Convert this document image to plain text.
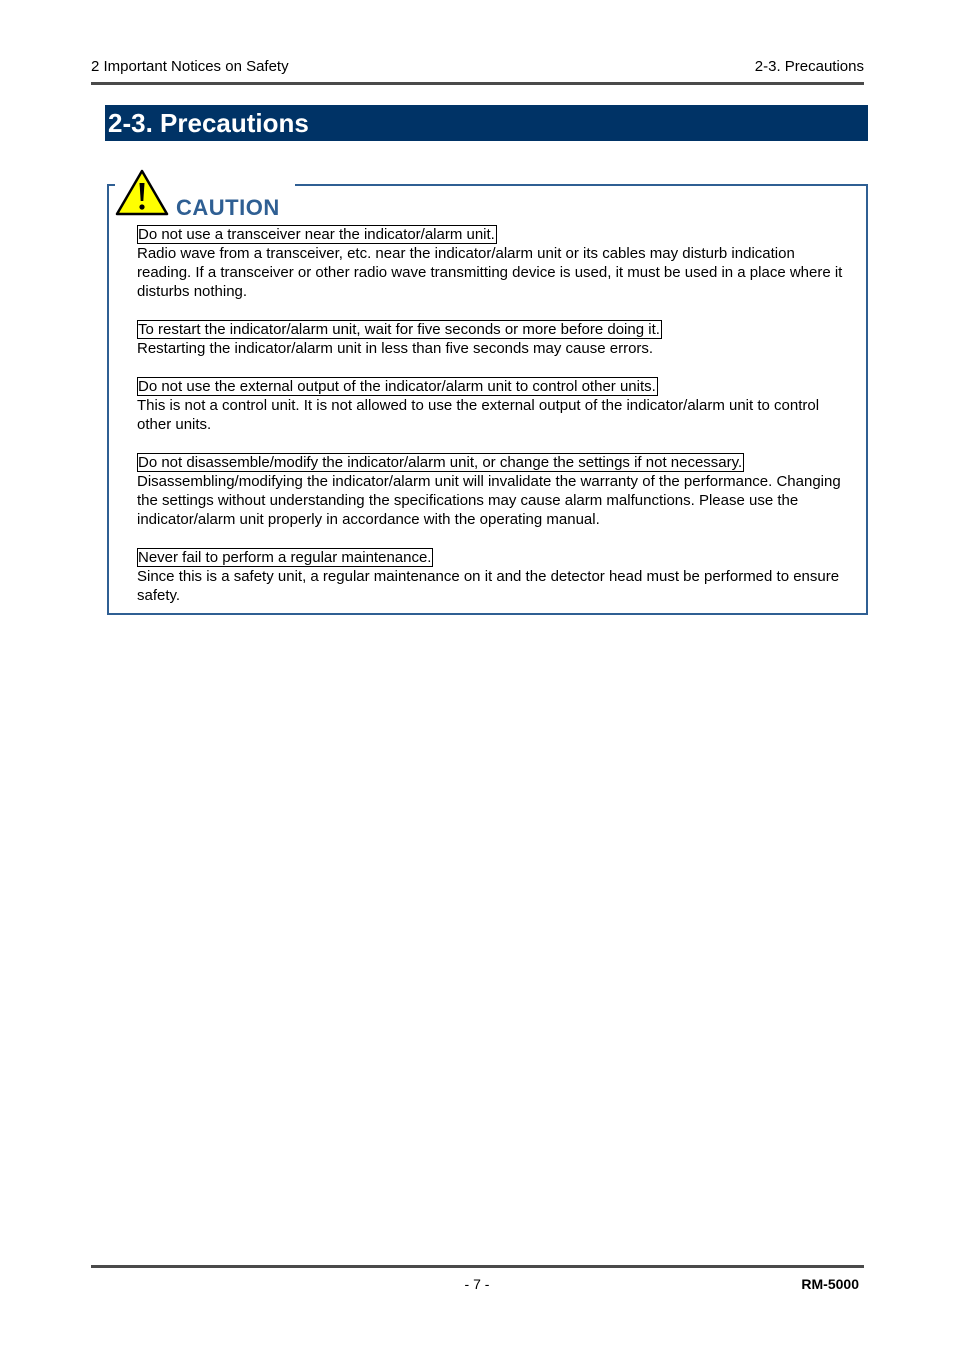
2 Important Notices on Safety	2-3. Precautions
2-3. Precautions
CAUTION
Do not use a transceiver near the indicator/alarm unit.
Radio wave from a transceiver, etc. near the indicator/alarm unit or its cables may disturb indication reading. If a transceiver or other radio wave transmitting device is used, it must be used in a place where it disturbs nothing.
To restart the indicator/alarm unit, wait for five seconds or more before doing it.
Restarting the indicator/alarm unit in less than five seconds may cause errors.
Do not use the external output of the indicator/alarm unit to control other units.
This is not a control unit. It is not allowed to use the external output of the indicator/alarm unit to control other units.
Do not disassemble/modify the indicator/alarm unit, or change the settings if not necessary.
Disassembling/modifying the indicator/alarm unit will invalidate the warranty of the performance. Changing the settings without understanding the specifications may cause alarm malfunctions. Please use the indicator/alarm unit properly in accordance with the operating manual.
Never fail to perform a regular maintenance.
Since this is a safety unit, a regular maintenance on it and the detector head must be performed to ensure safety.
- 7 -	RM-5000
